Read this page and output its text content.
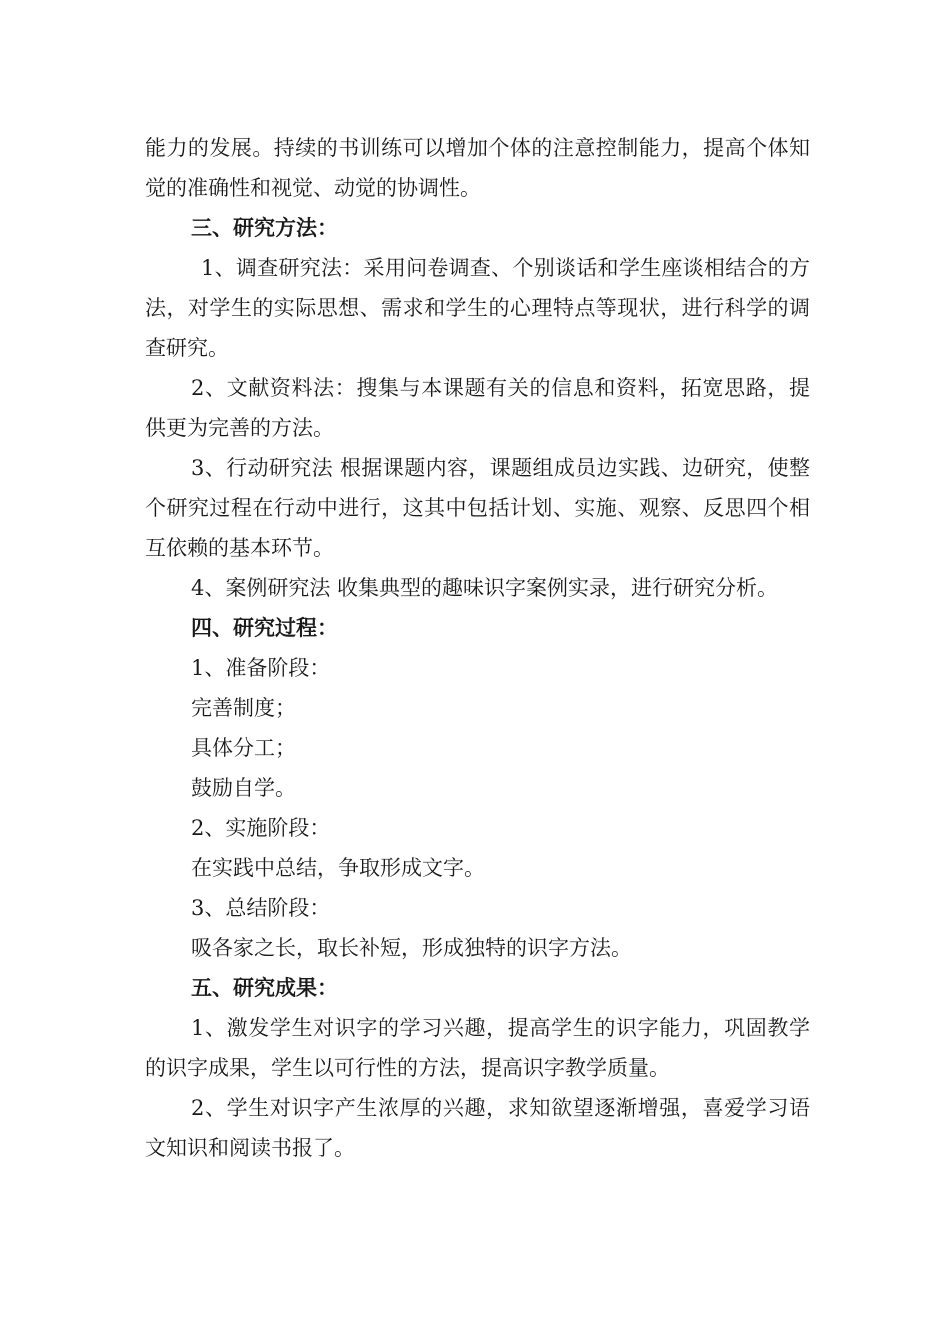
能力的发展。持续的书训练可以增加个体的注意控制能力，提高个体知觉的准确性和视觉、动觉的协调性。

三、研究方法：

1、调查研究法：采用问卷调查、个别谈话和学生座谈相结合的方法，对学生的实际思想、需求和学生的心理特点等现状，进行科学的调查研究。

2、文献资料法：搜集与本课题有关的信息和资料，拓宽思路，提供更为完善的方法。

3、行动研究法 根据课题内容，课题组成员边实践、边研究，使整个研究过程在行动中进行，这其中包括计划、实施、观察、反思四个相互依赖的基本环节。

4、案例研究法 收集典型的趣味识字案例实录，进行研究分析。

四、研究过程：

1、准备阶段：

完善制度；

具体分工；

鼓励自学。

2、实施阶段：

在实践中总结，争取形成文字。

3、总结阶段：

吸各家之长，取长补短，形成独特的识字方法。

五、研究成果：

1、激发学生对识字的学习兴趣，提高学生的识字能力，巩固教学的识字成果，学生以可行性的方法，提高识字教学质量。

2、学生对识字产生浓厚的兴趣，求知欲望逐渐增强，喜爱学习语文知识和阅读书报了。
